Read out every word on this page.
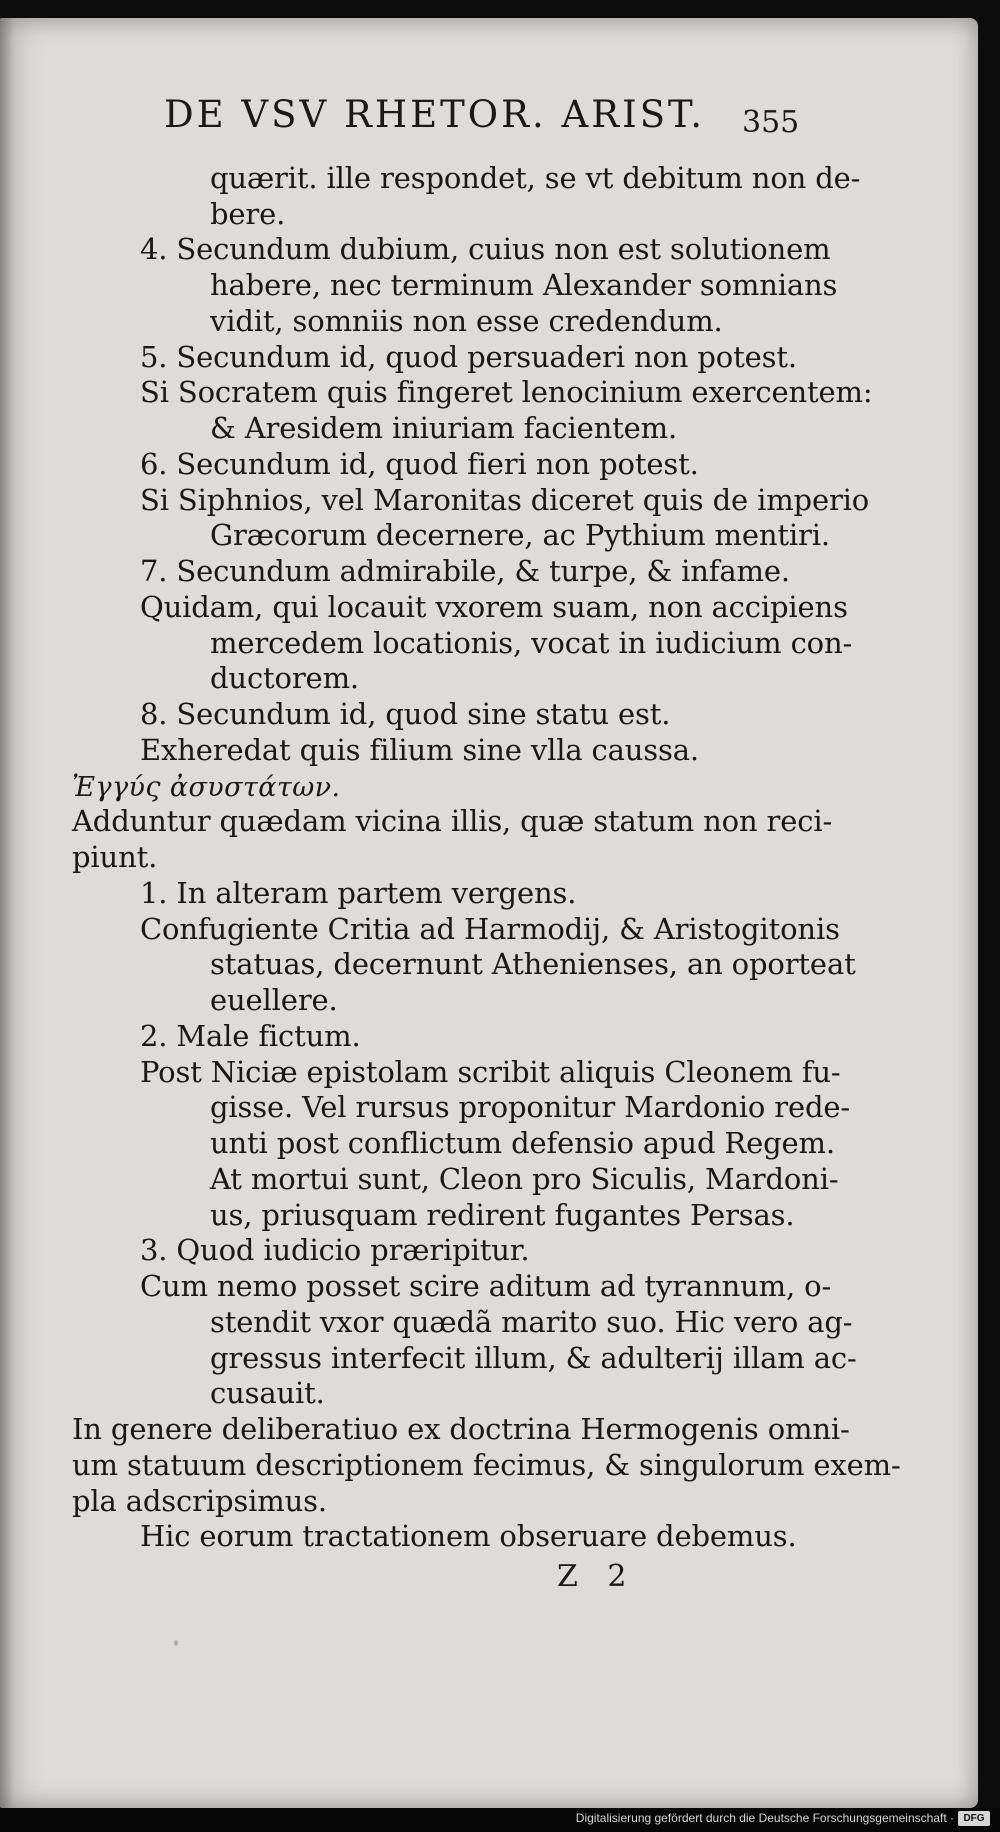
DE VSV RHETOR. ARIST. 355
quærit. ille respondet, se vt debitum non de-
bere.
4. Secundum dubium, cuius non est solutionem
habere, nec terminum Alexander somnians
vidit, somniis non esse credendum.
5. Secundum id, quod persuaderi non potest.
Si Socratem quis fingeret lenocinium exercentem:
& Aresidem iniuriam facientem.
6. Secundum id, quod fieri non potest.
Si Siphnios, vel Maronitas diceret quis de imperio
Græcorum decernere, ac Pythium mentiri.
7. Secundum admirabile, & turpe, & infame.
Quidam, qui locauit vxorem suam, non accipiens
mercedem locationis, vocat in iudicium con-
ductorem.
8. Secundum id, quod sine statu est.
Exheredat quis filium sine vlla caussa.
Ἐγγύς ἀσυστάτων.
Adduntur quædam vicina illis, quæ statum non reci-
piunt.
1. In alteram partem vergens.
Confugiente Critia ad Harmodij, & Aristogitonis
statuas, decernunt Athenienses, an oporteat
euellere.
2. Male fictum.
Post Niciæ epistolam scribit aliquis Cleonem fu-
gisse. Vel rursus proponitur Mardonio rede-
unti post conflictum defensio apud Regem.
At mortui sunt, Cleon pro Siculis, Mardoni-
us, priusquam redirent fugantes Persas.
3. Quod iudicio præripitur.
Cum nemo posset scire aditum ad tyrannum, o-
stendit vxor quædã marito suo. Hic vero ag-
gressus interfecit illum, & adulterij illam ac-
cusauit.
In genere deliberatiuo ex doctrina Hermogenis omni-
um statuum descriptionem fecimus, & singulorum exem-
pla adscripsimus.
Hic eorum tractationem obseruare debemus.
Z 2
Digitalisierung gefördert durch die Deutsche Forschungsgemeinschaft · DFG
